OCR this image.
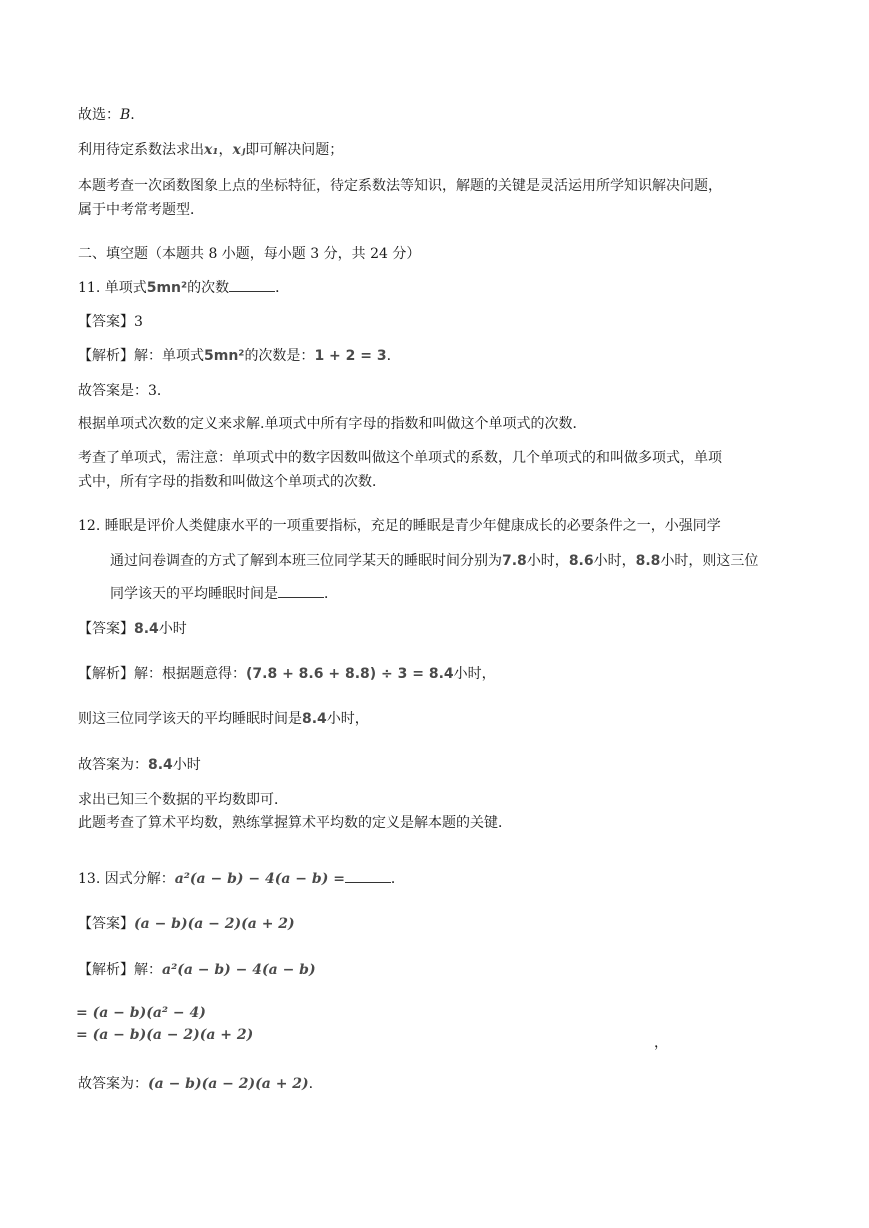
故选：B.
利用待定系数法求出x₁，xⱼ即可解决问题；
本题考查一次函数图象上点的坐标特征，待定系数法等知识，解题的关键是灵活运用所学知识解决问题，
属于中考常考题型．
二、填空题（本题共 8 小题，每小题 3 分，共 24 分）
11. 单项式5mn²的次数	．
【答案】3
【解析】解：单项式5mn²的次数是：1 + 2 = 3.
故答案是：3．
根据单项式次数的定义来求解.单项式中所有字母的指数和叫做这个单项式的次数．
考查了单项式，需注意：单项式中的数字因数叫做这个单项式的系数，几个单项式的和叫做多项式，单项
式中，所有字母的指数和叫做这个单项式的次数．
12. 睡眠是评价人类健康水平的一项重要指标，充足的睡眠是青少年健康成长的必要条件之一，小强同学
通过问卷调查的方式了解到本班三位同学某天的睡眠时间分别为7.8小时，8.6小时，8.8小时，则这三位
同学该天的平均睡眠时间是	．
【答案】8.4小时
【解析】解：根据题意得：(7.8 + 8.6 + 8.8) ÷ 3 = 8.4小时，
则这三位同学该天的平均睡眠时间是8.4小时，
故答案为：8.4小时
求出已知三个数据的平均数即可．
此题考查了算术平均数，熟练掌握算术平均数的定义是解本题的关键．
13. 因式分解：a²(a − b) − 4(a − b) =	．
【答案】(a − b)(a − 2)(a + 2)
【解析】解：a²(a − b) − 4(a − b)
= (a − b)(a² − 4)
= (a − b)(a − 2)(a + 2)	，
故答案为：(a − b)(a − 2)(a + 2).
